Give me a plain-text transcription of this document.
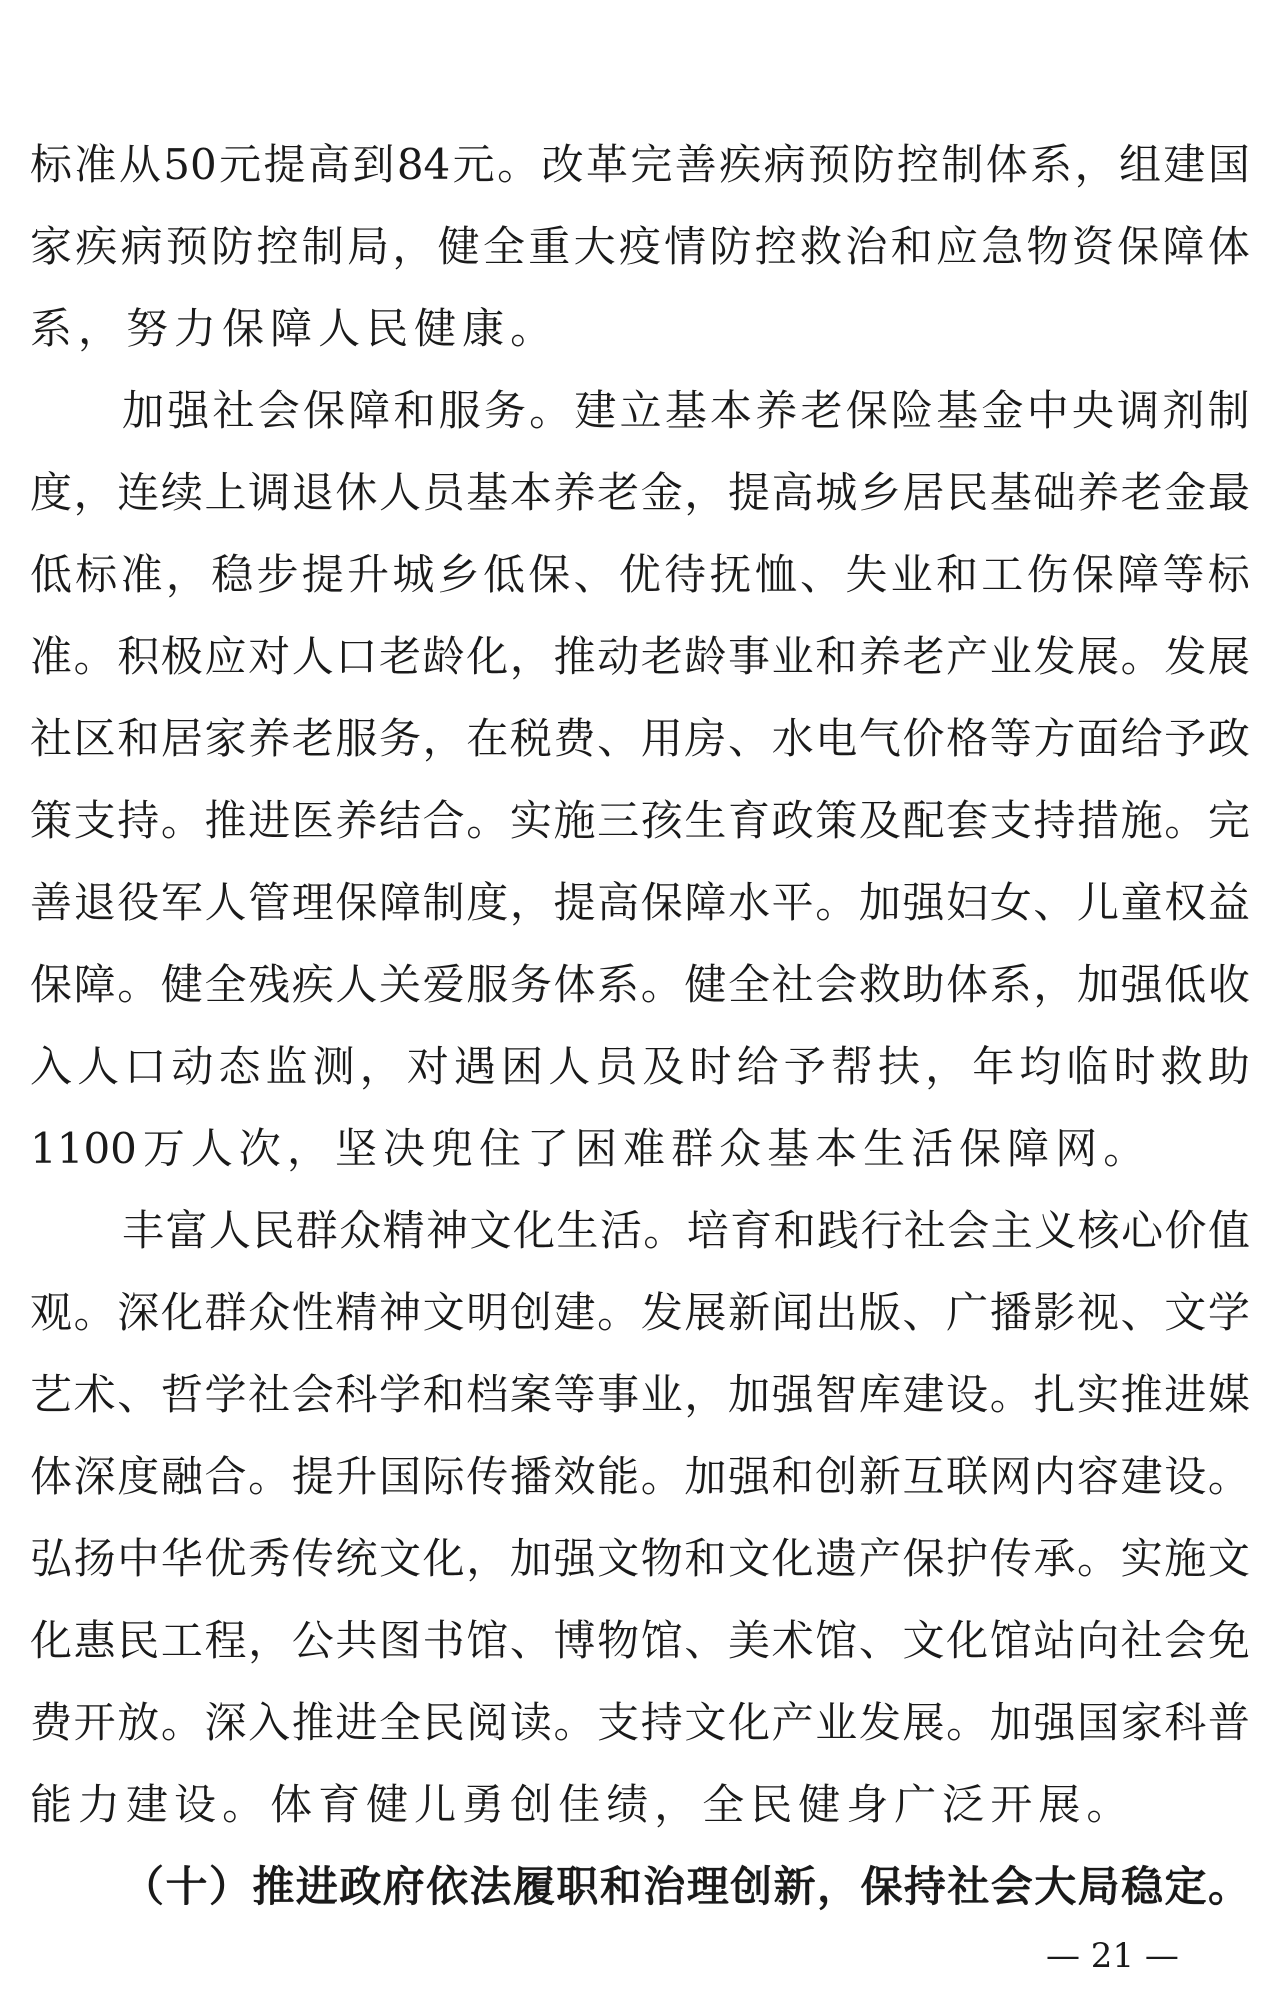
标 准 从 50 元 提 高 到 84 元 。 改 革 完 善 疾 病 预 防 控 制 体 系 ， 组 建 国
家 疾 病 预 防 控 制 局 ， 健 全 重 大 疫 情 防 控 救 治 和 应 急 物 资 保 障 体
系 ， 努 力 保 障 人 民 健 康 。
加 强 社 会 保 障 和 服 务 。 建 立 基 本 养 老 保 险 基 金 中 央 调 剂 制
度 ， 连 续 上 调 退 休 人 员 基 本 养 老 金 ， 提 高 城 乡 居 民 基 础 养 老 金 最
低 标 准 ， 稳 步 提 升 城 乡 低 保 、 优 待 抚 恤 、 失 业 和 工 伤 保 障 等 标
准 。 积 极 应 对 人 口 老 龄 化 ， 推 动 老 龄 事 业 和 养 老 产 业 发 展 。 发 展
社 区 和 居 家 养 老 服 务 ， 在 税 费 、 用 房 、 水 电 气 价 格 等 方 面 给 予 政
策 支 持 。 推 进 医 养 结 合 。 实 施 三 孩 生 育 政 策 及 配 套 支 持 措 施 。 完
善 退 役 军 人 管 理 保 障 制 度 ， 提 高 保 障 水 平 。 加 强 妇 女 、 儿 童 权 益
保 障 。 健 全 残 疾 人 关 爱 服 务 体 系 。 健 全 社 会 救 助 体 系 ， 加 强 低 收
入 人 口 动 态 监 测 ， 对 遇 困 人 员 及 时 给 予 帮 扶 ， 年 均 临 时 救 助
1100 万 人 次 ， 坚 决 兜 住 了 困 难 群 众 基 本 生 活 保 障 网 。
丰 富 人 民 群 众 精 神 文 化 生 活 。 培 育 和 践 行 社 会 主 义 核 心 价 值
观 。 深 化 群 众 性 精 神 文 明 创 建 。 发 展 新 闻 出 版 、 广 播 影 视 、 文 学
艺 术 、 哲 学 社 会 科 学 和 档 案 等 事 业 ， 加 强 智 库 建 设 。 扎 实 推 进 媒
体 深 度 融 合 。 提 升 国 际 传 播 效 能 。 加 强 和 创 新 互 联 网 内 容 建 设 。
弘 扬 中 华 优 秀 传 统 文 化 ， 加 强 文 物 和 文 化 遗 产 保 护 传 承 。 实 施 文
化 惠 民 工 程 ， 公 共 图 书 馆 、 博 物 馆 、 美 术 馆 、 文 化 馆 站 向 社 会 免
费 开 放 。 深 入 推 进 全 民 阅 读 。 支 持 文 化 产 业 发 展 。 加 强 国 家 科 普
能 力 建 设 。 体 育 健 儿 勇 创 佳 绩 ， 全 民 健 身 广 泛 开 展 。
（ 十 ） 推 进 政 府 依 法 履 职 和 治 理 创 新 ， 保 持 社 会 大 局 稳 定 。
— 21 —
